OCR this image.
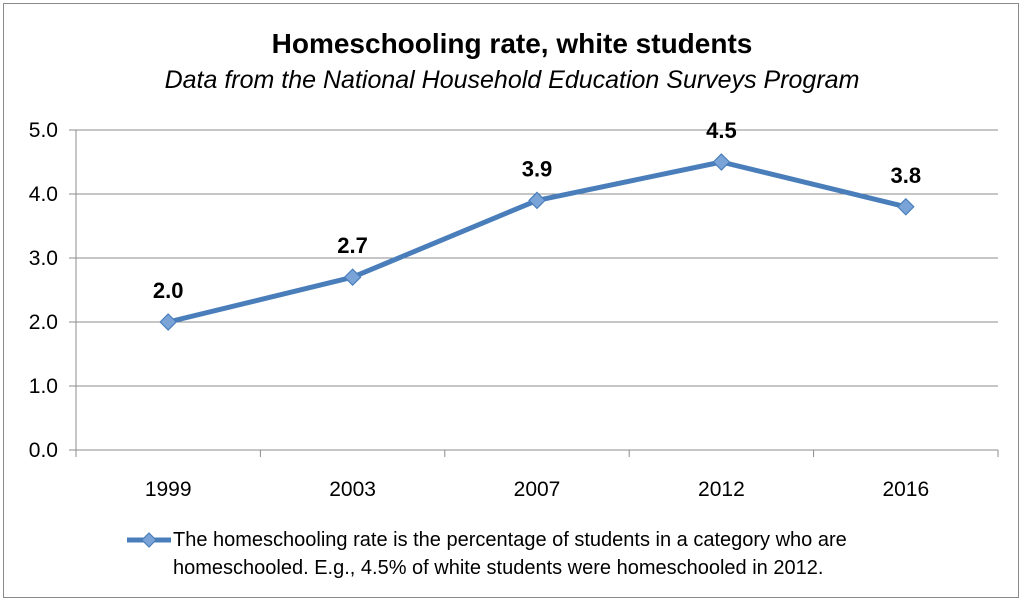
Homeschooling rate, white students
Data from the National Household Education Surveys Program
0.0
1.0
2.0
3.0
4.0
5.0
1999	2003	2007	2012	2016
2.0
2.7
3.9
4.5
3.8
The homeschooling rate is the percentage of students in a category who are homeschooled. E.g., 4.5% of white students were homeschooled in 2012.
